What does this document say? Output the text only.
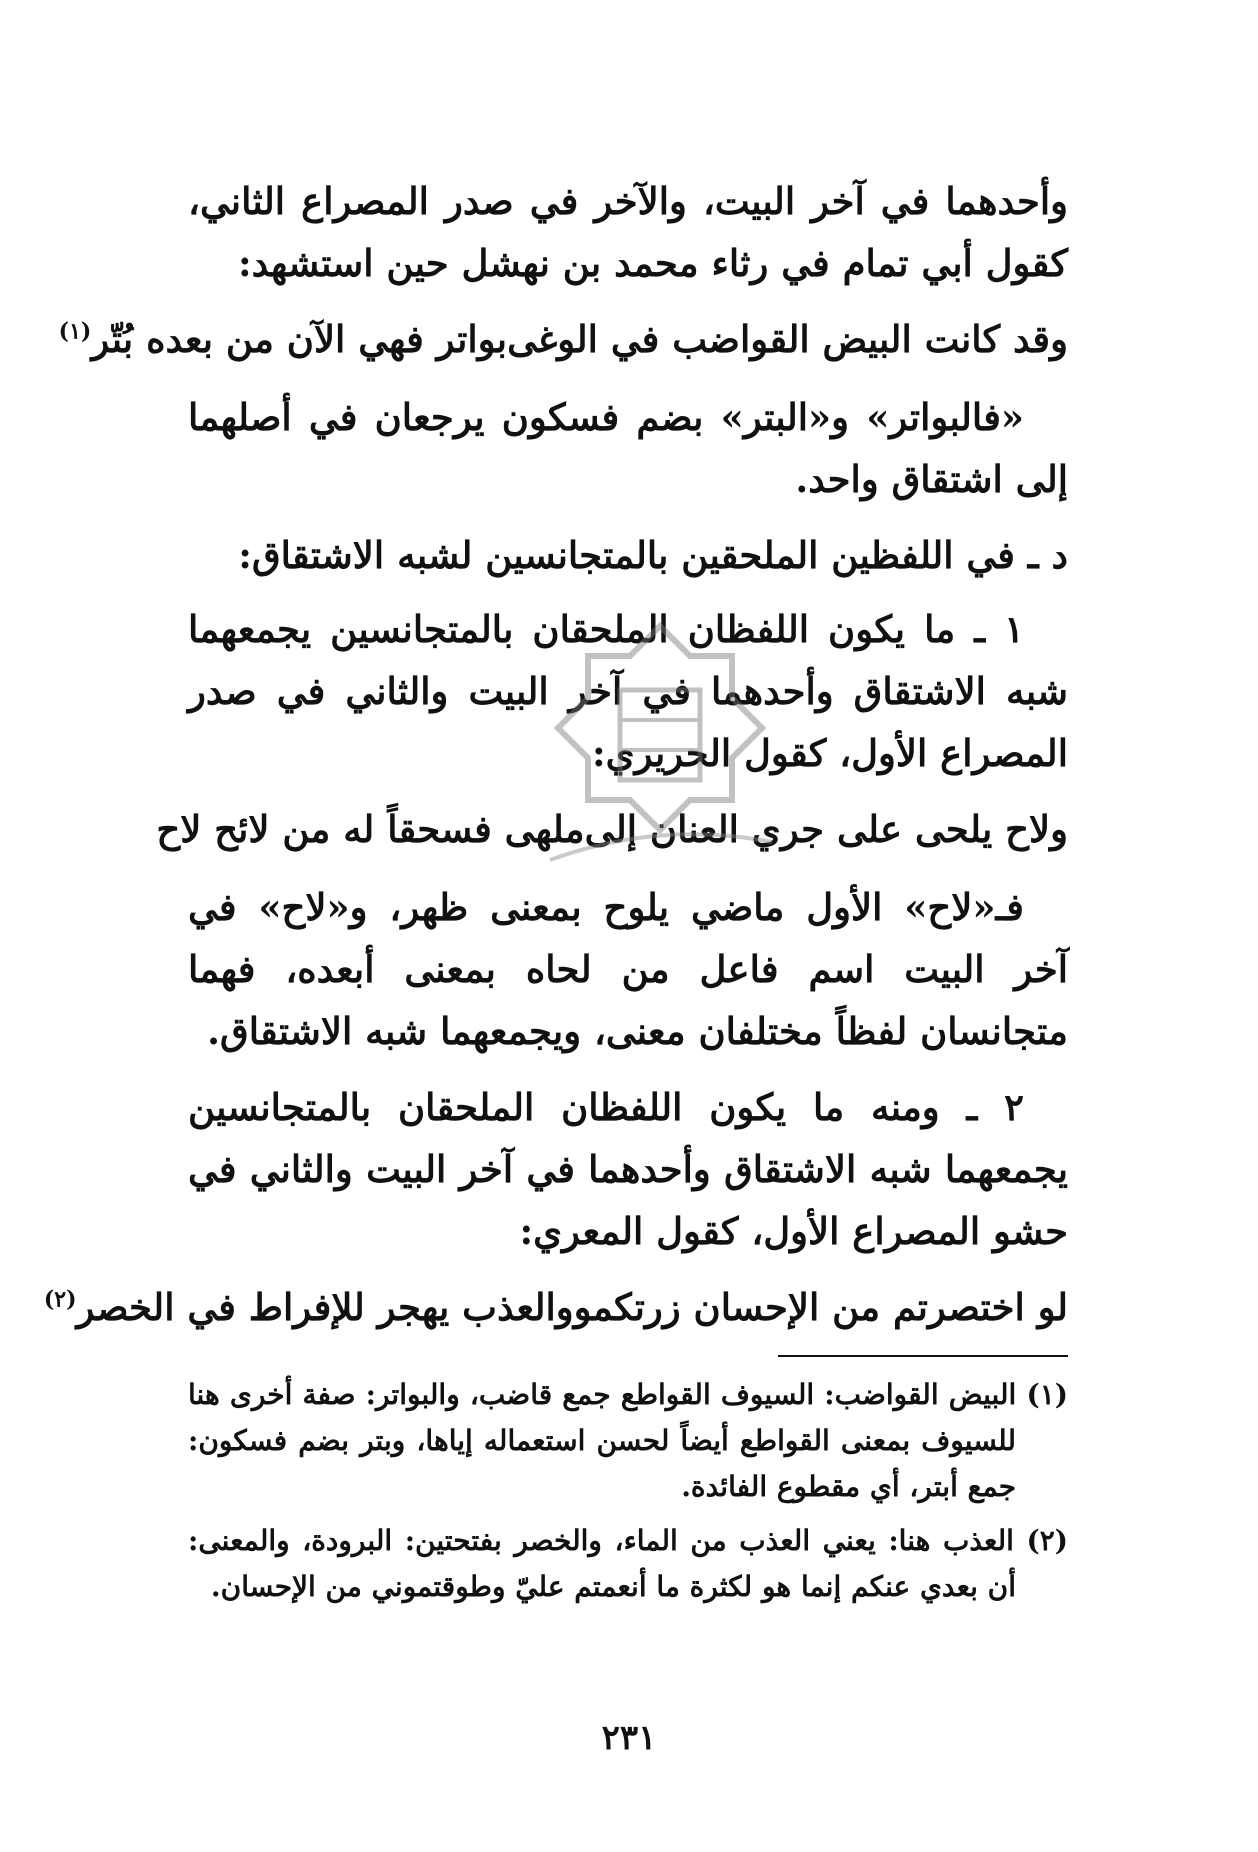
وأحدهما في آخر البيت، والآخر في صدر المصراع الثاني، كقول أبي تمام في رثاء محمد بن نهشل حين استشهد:

وقد كانت البيض القواضب في الوغى
بواتر فهي الآن من بعده بُتّر$^{(١)}$

«فالبواتر» و«البتر» بضم فسكون يرجعان في أصلهما إلى اشتقاق واحد.

د ـ في اللفظين الملحقين بالمتجانسين لشبه الاشتقاق:

١ ـ ما يكون اللفظان الملحقان بالمتجانسين يجمعهما شبه الاشتقاق وأحدهما في آخر البيت والثاني في صدر المصراع الأول، كقول الحريري:

ولاح يلحى على جري العنان إلى
ملهى فسحقاً له من لائح لاح

فـ«لاح» الأول ماضي يلوح بمعنى ظهر، و«لاح» في آخر البيت اسم فاعل من لحاه بمعنى أبعده، فهما متجانسان لفظاً مختلفان معنى، ويجمعهما شبه الاشتقاق.

٢ ـ ومنه ما يكون اللفظان الملحقان بالمتجانسين يجمعهما شبه الاشتقاق وأحدهما في آخر البيت والثاني في حشو المصراع الأول، كقول المعري:

لو اختصرتم من الإحسان زرتكمو
والعذب يهجر للإفراط في الخصر$^{(٢)}$

(١) البيض القواضب: السيوف القواطع جمع قاضب، والبواتر: صفة أخرى هنا للسيوف بمعنى القواطع أيضاً لحسن استعماله إياها، وبتر بضم فسكون: جمع أبتر، أي مقطوع الفائدة.

(٢) العذب هنا: يعني العذب من الماء، والخصر بفتحتين: البرودة، والمعنى: أن بعدي عنكم إنما هو لكثرة ما أنعمتم عليّ وطوقتموني من الإحسان.

٢٣١
